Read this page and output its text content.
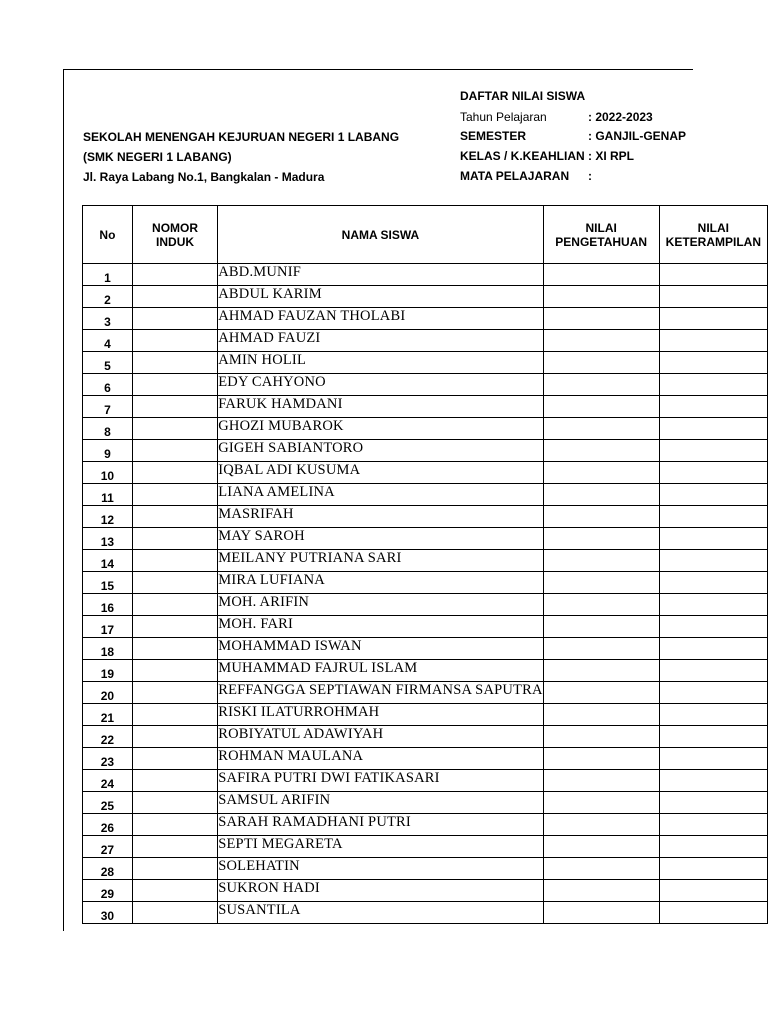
DAFTAR NILAI SISWA
Tahun Pelajaran	: 2022-2023
SEMESTER	: GANJIL-GENAP
KELAS / K.KEAHLIAN : XI RPL
MATA PELAJARAN :
SEKOLAH MENENGAH KEJURUAN NEGERI 1 LABANG
(SMK NEGERI 1 LABANG)
Jl. Raya Labang No.1, Bangkalan - Madura
No	NOMOR INDUK	NAMA SISWA	NILAI PENGETAHUAN	NILAI KETERAMPILAN
1		ABD.MUNIF		
2		ABDUL KARIM		
3		AHMAD FAUZAN THOLABI		
4		AHMAD FAUZI		
5		AMIN HOLIL		
6		EDY CAHYONO		
7		FARUK HAMDANI		
8		GHOZI MUBAROK		
9		GIGEH SABIANTORO		
10		IQBAL ADI KUSUMA		
11		LIANA AMELINA		
12		MASRIFAH		
13		MAY SAROH		
14		MEILANY PUTRIANA SARI		
15		MIRA LUFIANA		
16		MOH. ARIFIN		
17		MOH. FARI		
18		MOHAMMAD ISWAN		
19		MUHAMMAD FAJRUL ISLAM		
20		REFFANGGA SEPTIAWAN FIRMANSA SAPUTRA		
21		RISKI ILATURROHMAH		
22		ROBIYATUL ADAWIYAH		
23		ROHMAN MAULANA		
24		SAFIRA PUTRI DWI FATIKASARI		
25		SAMSUL ARIFIN		
26		SARAH RAMADHANI PUTRI		
27		SEPTI MEGARETA		
28		SOLEHATIN		
29		SUKRON HADI		
30		SUSANTILA		
